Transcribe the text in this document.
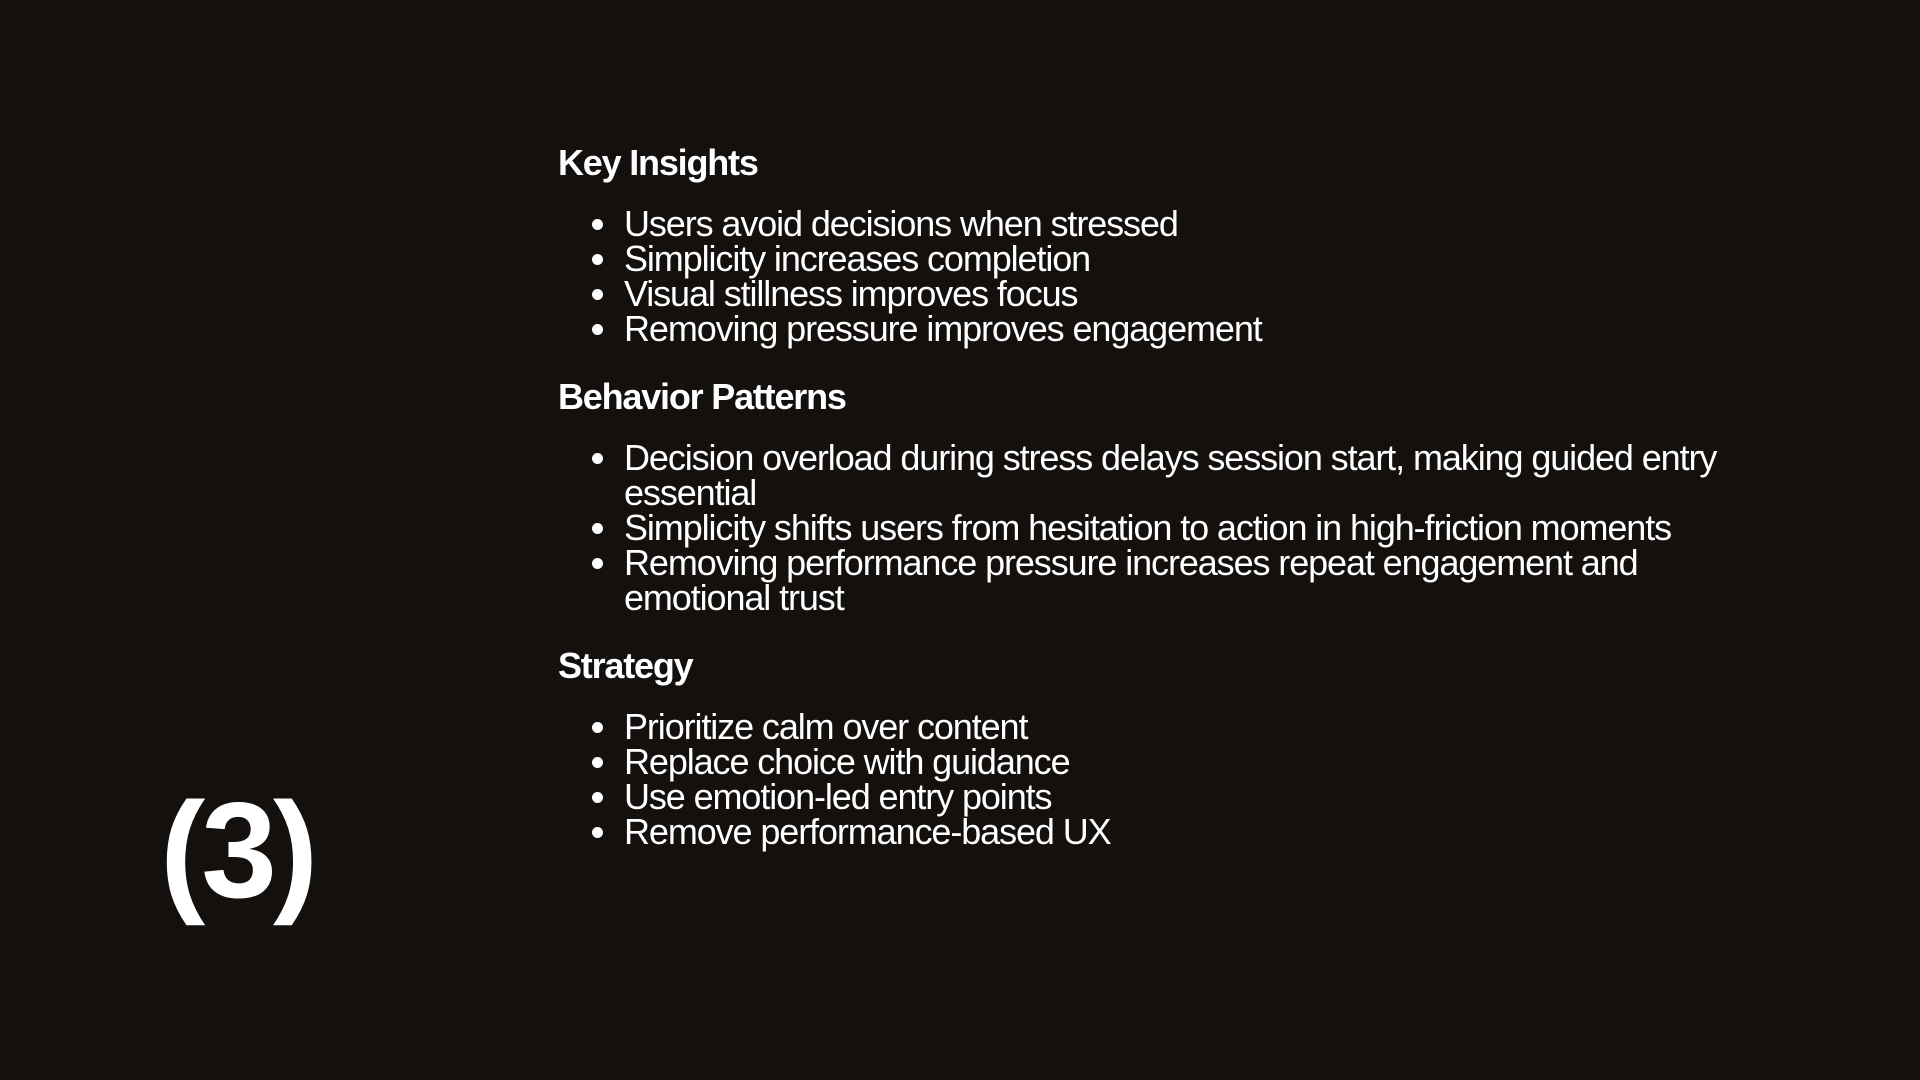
(3)
Key Insights
Users avoid decisions when stressed
Simplicity increases completion
Visual stillness improves focus
Removing pressure improves engagement
Behavior Patterns
Decision overload during stress delays session start, making guided entry essential
Simplicity shifts users from hesitation to action in high-friction moments
Removing performance pressure increases repeat engagement and emotional trust
Strategy
Prioritize calm over content
Replace choice with guidance
Use emotion-led entry points
Remove performance-based UX
